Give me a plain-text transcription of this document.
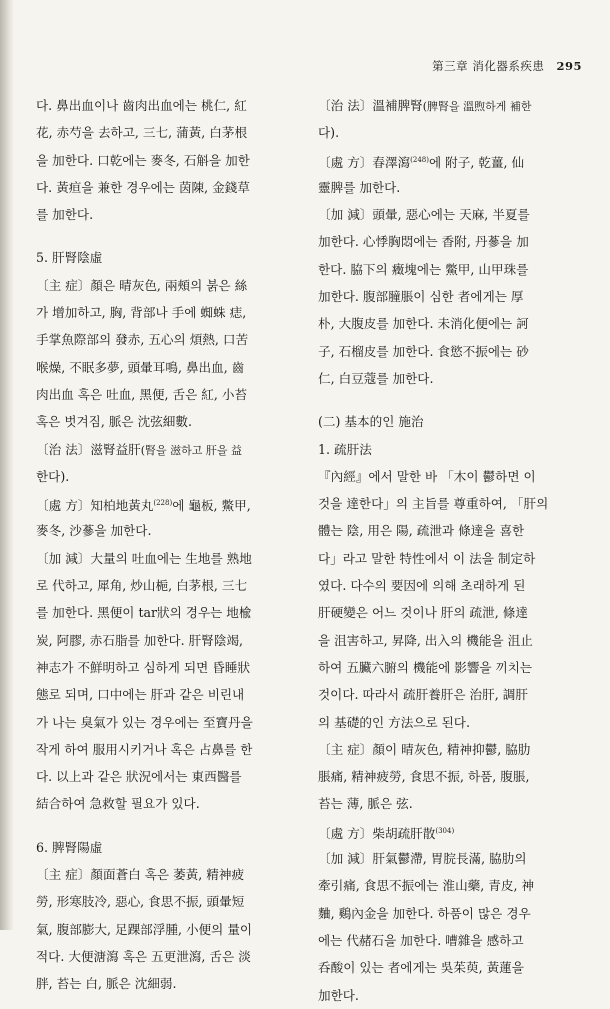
第三章 消化器系疾患 295
다. 鼻出血이나 齒肉出血에는 桃仁, 紅
花, 赤芍을 去하고, 三七, 蒲黃, 白茅根
을 加한다. 口乾에는 麥冬, 石斛을 加한
다. 黃疸을 兼한 경우에는 茵陳, 金錢草
를 加한다.
5. 肝腎陰虛
〔主 症〕顏은 晴灰色, 兩頰의 붉은 絲
가 增加하고, 胸, 背部나 手에 蜘蛛 痣,
手掌魚際部의 發赤, 五心의 煩熱, 口苦
喉燥, 不眠多夢, 頭暈耳鳴, 鼻出血, 齒
肉出血 혹은 吐血, 黑便, 舌은 紅, 小苔
혹은 벗겨짐, 脈은 沈弦細數.
〔治 法〕滋腎益肝(腎을 滋하고 肝을 益
한다).
〔處 方〕知柏地黃丸$^{(228)}$에 龜板, 鱉甲,
麥冬, 沙蔘을 加한다.
〔加 減〕大量의 吐血에는 生地를 熟地
로 代하고, 犀角, 炒山梔, 白茅根, 三七
를 加한다. 黑便이 tar狀의 경우는 地楡
炭, 阿膠, 赤石脂를 加한다. 肝腎陰竭,
神志가 不鮮明하고 심하게 되면 昏睡狀
態로 되며, 口中에는 肝과 같은 비린내
가 나는 臭氣가 있는 경우에는 至寶丹을
작게 하여 服用시키거나 혹은 占鼻를 한
다. 以上과 같은 狀況에서는 東西醫를
結合하여 急救할 필요가 있다.
6. 脾腎陽虛
〔主 症〕顏面蒼白 혹은 萎黃, 精神疲
勞, 形寒肢冷, 惡心, 食思不振, 頭暈短
氣, 腹部膨大, 足踝部浮腫, 小便의 量이
적다. 大便溏瀉 혹은 五更泄瀉, 舌은 淡
胖, 苔는 白, 脈은 沈細弱.
〔治 法〕溫補脾腎(脾腎을 溫煦하게 補한
다).
〔處 方〕春澤瀉$^{(248)}$에 附子, 乾薑, 仙
靈脾를 加한다.
〔加 減〕頭暈, 惡心에는 天麻, 半夏를
加한다. 心悸胸悶에는 香附, 丹蔘을 加
한다. 脇下의 癥塊에는 鱉甲, 山甲珠를
加한다. 腹部膧脹이 심한 者에게는 厚
朴, 大腹皮를 加한다. 未消化便에는 訶
子, 石榴皮를 加한다. 食慾不振에는 砂
仁, 白豆蔻를 加한다.
(二) 基本的인 施治
1. 疏肝法
『內經』에서 말한 바 「木이 鬱하면 이
것을 達한다」의 主旨를 尊重하여, 「肝의
體는 陰, 用은 陽, 疏泄과 條達을 喜한
다」라고 말한 特性에서 이 法을 制定하
였다. 다수의 要因에 의해 초래하게 된
肝硬變은 어느 것이나 肝의 疏泄, 條達
을 沮害하고, 昇降, 出入의 機能을 沮止
하여 五臟六腑의 機能에 影響을 끼치는
것이다. 따라서 疏肝養肝은 治肝, 調肝
의 基礎的인 方法으로 된다.
〔主 症〕顏이 晴灰色, 精神抑鬱, 脇肋
脹痛, 精神疲勞, 食思不振, 하품, 腹脹,
苔는 薄, 脈은 弦.
〔處 方〕柴胡疏肝散$^{(304)}$
〔加 減〕肝氣鬱滯, 胃脘長滿, 脇肋의
牽引痛, 食思不振에는 淮山藥, 青皮, 神
麯, 鷄內金을 加한다. 하품이 많은 경우
에는 代赭石을 加한다. 嘈雜을 感하고
呑酸이 있는 者에게는 吳茱萸, 黃蓮을
加한다.
